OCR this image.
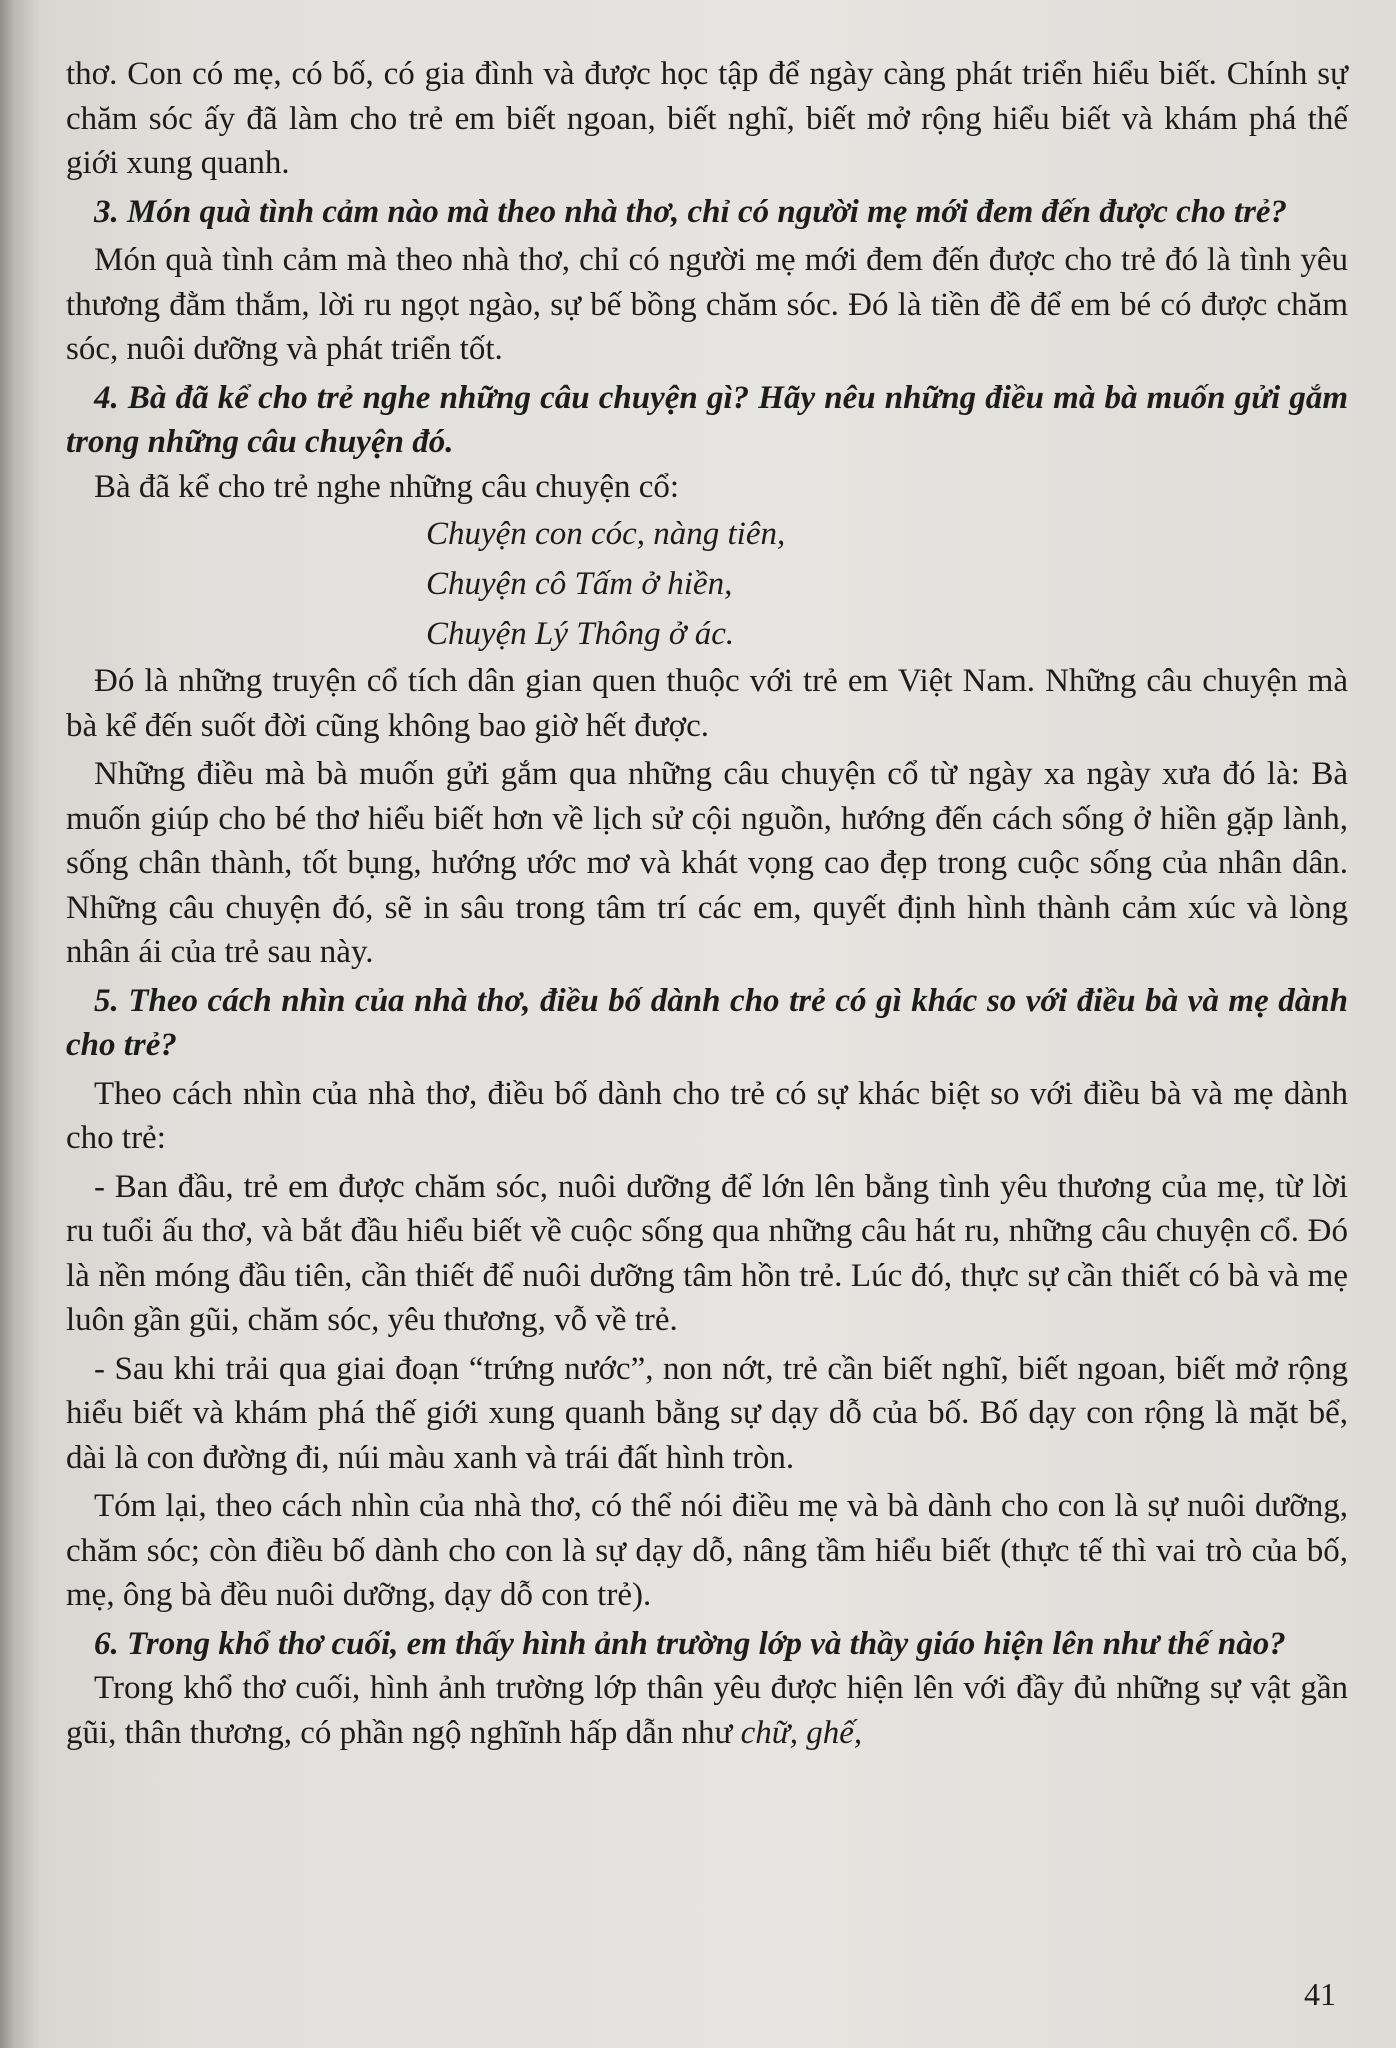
thơ. Con có mẹ, có bố, có gia đình và được học tập để ngày càng phát triển hiểu biết. Chính sự chăm sóc ấy đã làm cho trẻ em biết ngoan, biết nghĩ, biết mở rộng hiểu biết và khám phá thế giới xung quanh.

3. Món quà tình cảm nào mà theo nhà thơ, chỉ có người mẹ mới đem đến được cho trẻ?

Món quà tình cảm mà theo nhà thơ, chỉ có người mẹ mới đem đến được cho trẻ đó là tình yêu thương đằm thắm, lời ru ngọt ngào, sự bế bồng chăm sóc. Đó là tiền đề để em bé có được chăm sóc, nuôi dưỡng và phát triển tốt.

4. Bà đã kể cho trẻ nghe những câu chuyện gì? Hãy nêu những điều mà bà muốn gửi gắm trong những câu chuyện đó.

Bà đã kể cho trẻ nghe những câu chuyện cổ:

Chuyện con cóc, nàng tiên,
Chuyện cô Tấm ở hiền,
Chuyện Lý Thông ở ác.

Đó là những truyện cổ tích dân gian quen thuộc với trẻ em Việt Nam. Những câu chuyện mà bà kể đến suốt đời cũng không bao giờ hết được.

Những điều mà bà muốn gửi gắm qua những câu chuyện cổ từ ngày xa ngày xưa đó là: Bà muốn giúp cho bé thơ hiểu biết hơn về lịch sử cội nguồn, hướng đến cách sống ở hiền gặp lành, sống chân thành, tốt bụng, hướng ước mơ và khát vọng cao đẹp trong cuộc sống của nhân dân. Những câu chuyện đó, sẽ in sâu trong tâm trí các em, quyết định hình thành cảm xúc và lòng nhân ái của trẻ sau này.

5. Theo cách nhìn của nhà thơ, điều bố dành cho trẻ có gì khác so với điều bà và mẹ dành cho trẻ?

Theo cách nhìn của nhà thơ, điều bố dành cho trẻ có sự khác biệt so với điều bà và mẹ dành cho trẻ:

- Ban đầu, trẻ em được chăm sóc, nuôi dưỡng để lớn lên bằng tình yêu thương của mẹ, từ lời ru tuổi ấu thơ, và bắt đầu hiểu biết về cuộc sống qua những câu hát ru, những câu chuyện cổ. Đó là nền móng đầu tiên, cần thiết để nuôi dưỡng tâm hồn trẻ. Lúc đó, thực sự cần thiết có bà và mẹ luôn gần gũi, chăm sóc, yêu thương, vỗ về trẻ.

- Sau khi trải qua giai đoạn “trứng nước”, non nớt, trẻ cần biết nghĩ, biết ngoan, biết mở rộng hiểu biết và khám phá thế giới xung quanh bằng sự dạy dỗ của bố. Bố dạy con rộng là mặt bể, dài là con đường đi, núi màu xanh và trái đất hình tròn.

Tóm lại, theo cách nhìn của nhà thơ, có thể nói điều mẹ và bà dành cho con là sự nuôi dưỡng, chăm sóc; còn điều bố dành cho con là sự dạy dỗ, nâng tầm hiểu biết (thực tế thì vai trò của bố, mẹ, ông bà đều nuôi dưỡng, dạy dỗ con trẻ).

6. Trong khổ thơ cuối, em thấy hình ảnh trường lớp và thầy giáo hiện lên như thế nào?

Trong khổ thơ cuối, hình ảnh trường lớp thân yêu được hiện lên với đầy đủ những sự vật gần gũi, thân thương, có phần ngộ nghĩnh hấp dẫn như chữ, ghế,

41
